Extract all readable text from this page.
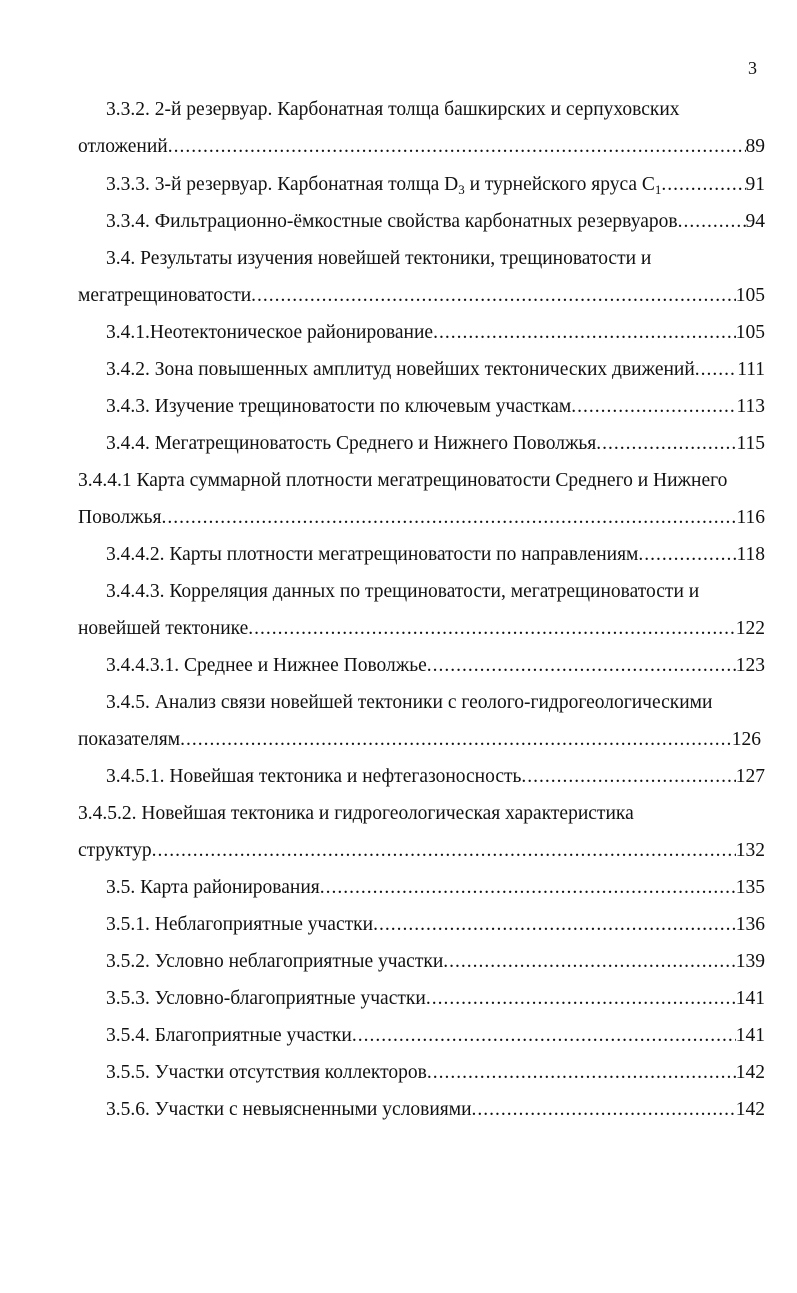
3
3.3.2. 2-й резервуар. Карбонатная толща башкирских и серпуховских
отложений .....	89
3.3.3. 3-й резервуар. Карбонатная толща $D_3$ и турнейского яруса $С_1$ .....	91
3.3.4. Фильтрационно-ёмкостные свойства карбонатных резервуаров .....	94
3.4. Результаты изучения новейшей тектоники, трещиноватости и
мегатрещиноватости .....	105
3.4.1.Неотектоническое районирование .....	105
3.4.2. Зона повышенных амплитуд новейших тектонических движений ..... 111
3.4.3. Изучение трещиноватости по ключевым участкам .....	113
3.4.4. Мегатрещиноватость Среднего и Нижнего Поволжья .....	115
3.4.4.1 Карта суммарной плотности мегатрещиноватости Среднего и Нижнего
Поволжья .....	116
3.4.4.2. Карты плотности мегатрещиноватости по направлениям .....	118
3.4.4.3. Корреляция данных по трещиноватости, мегатрещиноватости и
новейшей тектонике .....	122
3.4.4.3.1. Среднее и Нижнее Поволжье .....	123
3.4.5. Анализ связи новейшей тектоники с геолого-гидрогеологическими
показателям .....	126
3.4.5.1. Новейшая тектоника и нефтегазоносность .....	127
3.4.5.2. Новейшая тектоника и гидрогеологическая характеристика
структур .....	132
3.5. Карта районирования .....	135
3.5.1. Неблагоприятные участки .....	136
3.5.2. Условно неблагоприятные участки .....	139
3.5.3. Условно-благоприятные участки .....	141
3.5.4. Благоприятные участки .....	141
3.5.5. Участки отсутствия коллекторов .....	142
3.5.6. Участки с невыясненными условиями .....	142
